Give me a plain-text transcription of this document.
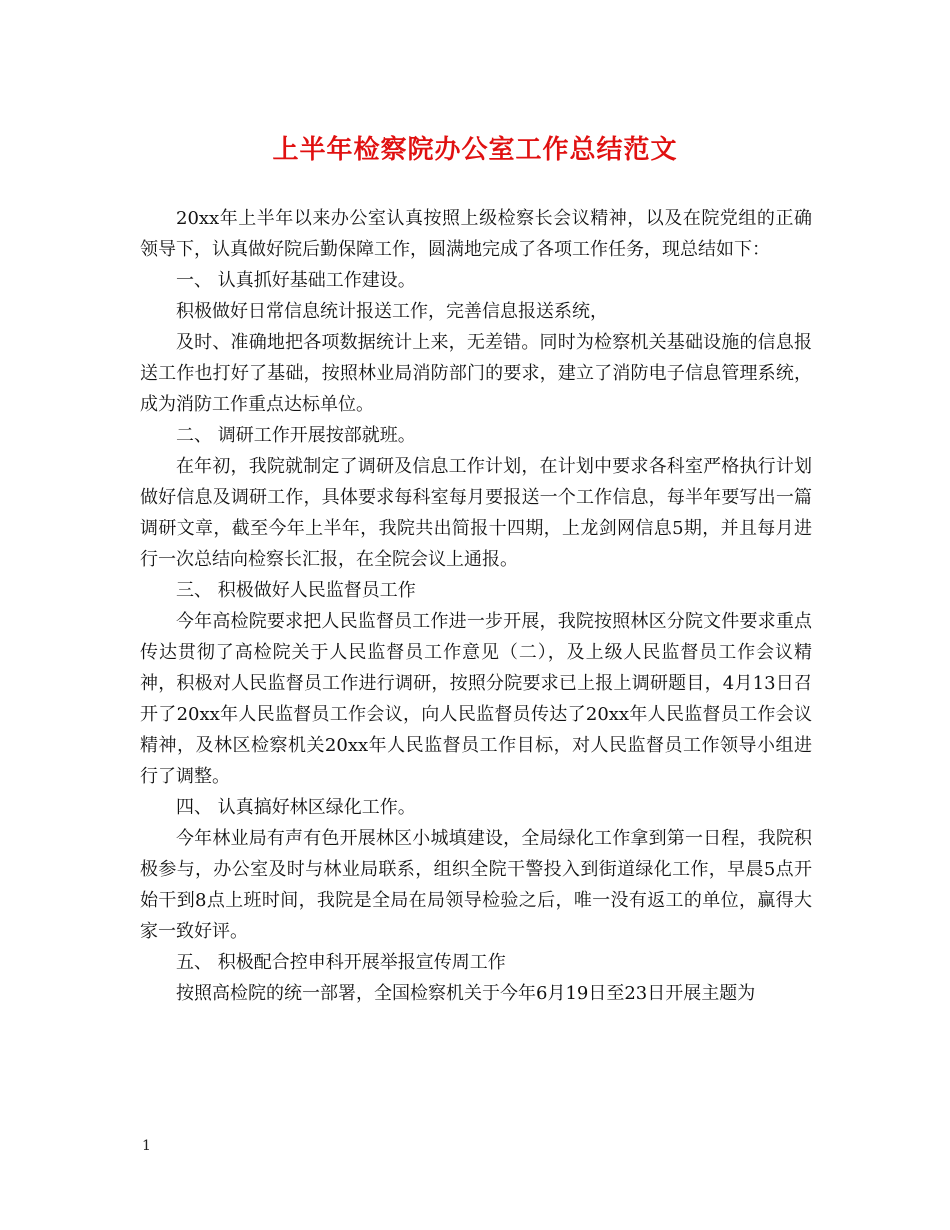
上半年检察院办公室工作总结范文

20xx年上半年以来办公室认真按照上级检察长会议精神，以及在院党组的正确领导下，认真做好院后勤保障工作，圆满地完成了各项工作任务，现总结如下：

一、 认真抓好基础工作建设。

积极做好日常信息统计报送工作，完善信息报送系统，

及时、准确地把各项数据统计上来，无差错。同时为检察机关基础设施的信息报送工作也打好了基础，按照林业局消防部门的要求，建立了消防电子信息管理系统，成为消防工作重点达标单位。

二、 调研工作开展按部就班。

在年初，我院就制定了调研及信息工作计划，在计划中要求各科室严格执行计划做好信息及调研工作，具体要求每科室每月要报送一个工作信息，每半年要写出一篇调研文章，截至今年上半年，我院共出简报十四期，上龙剑网信息5期，并且每月进行一次总结向检察长汇报，在全院会议上通报。

三、 积极做好人民监督员工作

今年高检院要求把人民监督员工作进一步开展，我院按照林区分院文件要求重点传达贯彻了高检院关于人民监督员工作意见（二），及上级人民监督员工作会议精神，积极对人民监督员工作进行调研，按照分院要求已上报上调研题目，4月13日召开了20xx年人民监督员工作会议，向人民监督员传达了20xx年人民监督员工作会议精神，及林区检察机关20xx年人民监督员工作目标，对人民监督员工作领导小组进行了调整。

四、 认真搞好林区绿化工作。

今年林业局有声有色开展林区小城填建设，全局绿化工作拿到第一日程，我院积极参与，办公室及时与林业局联系，组织全院干警投入到街道绿化工作，早晨5点开始干到8点上班时间，我院是全局在局领导检验之后，唯一没有返工的单位，赢得大家一致好评。

五、 积极配合控申科开展举报宣传周工作

按照高检院的统一部署，全国检察机关于今年6月19日至23日开展主题为

1
